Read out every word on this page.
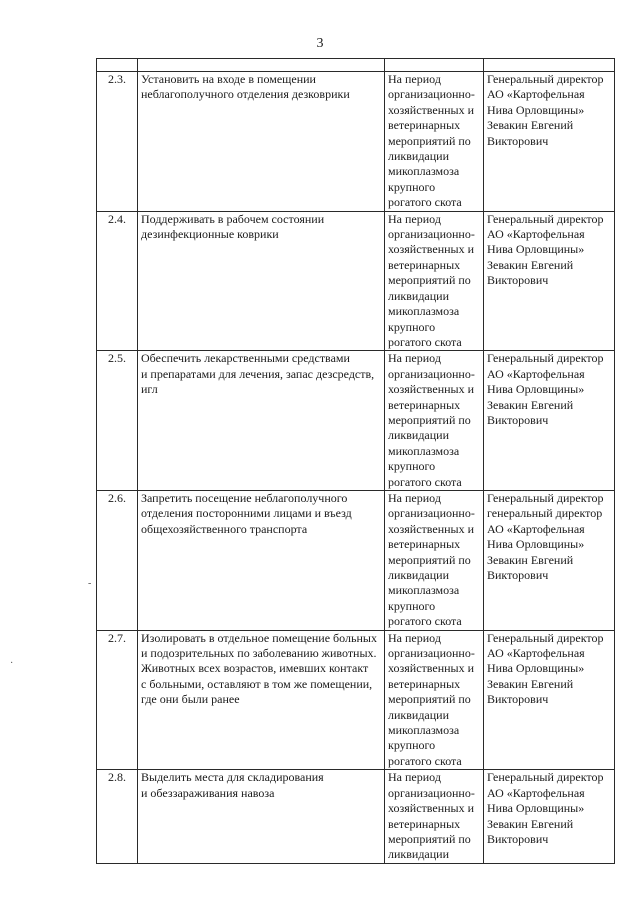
3

2.3.	Установить на входе в помещении
неблагополучного отделения дезковрики	На период организационно-хозяйственных и ветеринарных мероприятий по ликвидации микоплазмоза крупного рогатого скота	Генеральный директор АО «Картофельная Нива Орловщины» Зевакин Евгений Викторович
2.4.	Поддерживать в рабочем состоянии
дезинфекционные коврики	На период организационно-хозяйственных и ветеринарных мероприятий по ликвидации микоплазмоза крупного рогатого скота	Генеральный директор АО «Картофельная Нива Орловщины» Зевакин Евгений Викторович
2.5.	Обеспечить лекарственными средствами
и препаратами для лечения, запас дезсредств,
игл	На период организационно-хозяйственных и ветеринарных мероприятий по ликвидации микоплазмоза крупного рогатого скота	Генеральный директор АО «Картофельная Нива Орловщины» Зевакин Евгений Викторович
2.6.	Запретить посещение неблагополучного
отделения посторонними лицами и въезд
общехозяйственного транспорта	На период организационно-хозяйственных и ветеринарных мероприятий по ликвидации микоплазмоза крупного рогатого скота	Генеральный директор генеральный директор АО «Картофельная Нива Орловщины» Зевакин Евгений Викторович
2.7.	Изолировать в отдельное помещение больных
и подозрительных по заболеванию животных.
Животных всех возрастов, имевших контакт
с больными, оставляют в том же помещении,
где они были ранее	На период организационно-хозяйственных и ветеринарных мероприятий по ликвидации микоплазмоза крупного рогатого скота	Генеральный директор АО «Картофельная Нива Орловщины» Зевакин Евгений Викторович
2.8.	Выделить места для складирования
и обеззараживания навоза	На период организационно-хозяйственных и ветеринарных мероприятий по ликвидации	Генеральный директор АО «Картофельная Нива Орловщины» Зевакин Евгений Викторович
-
·
